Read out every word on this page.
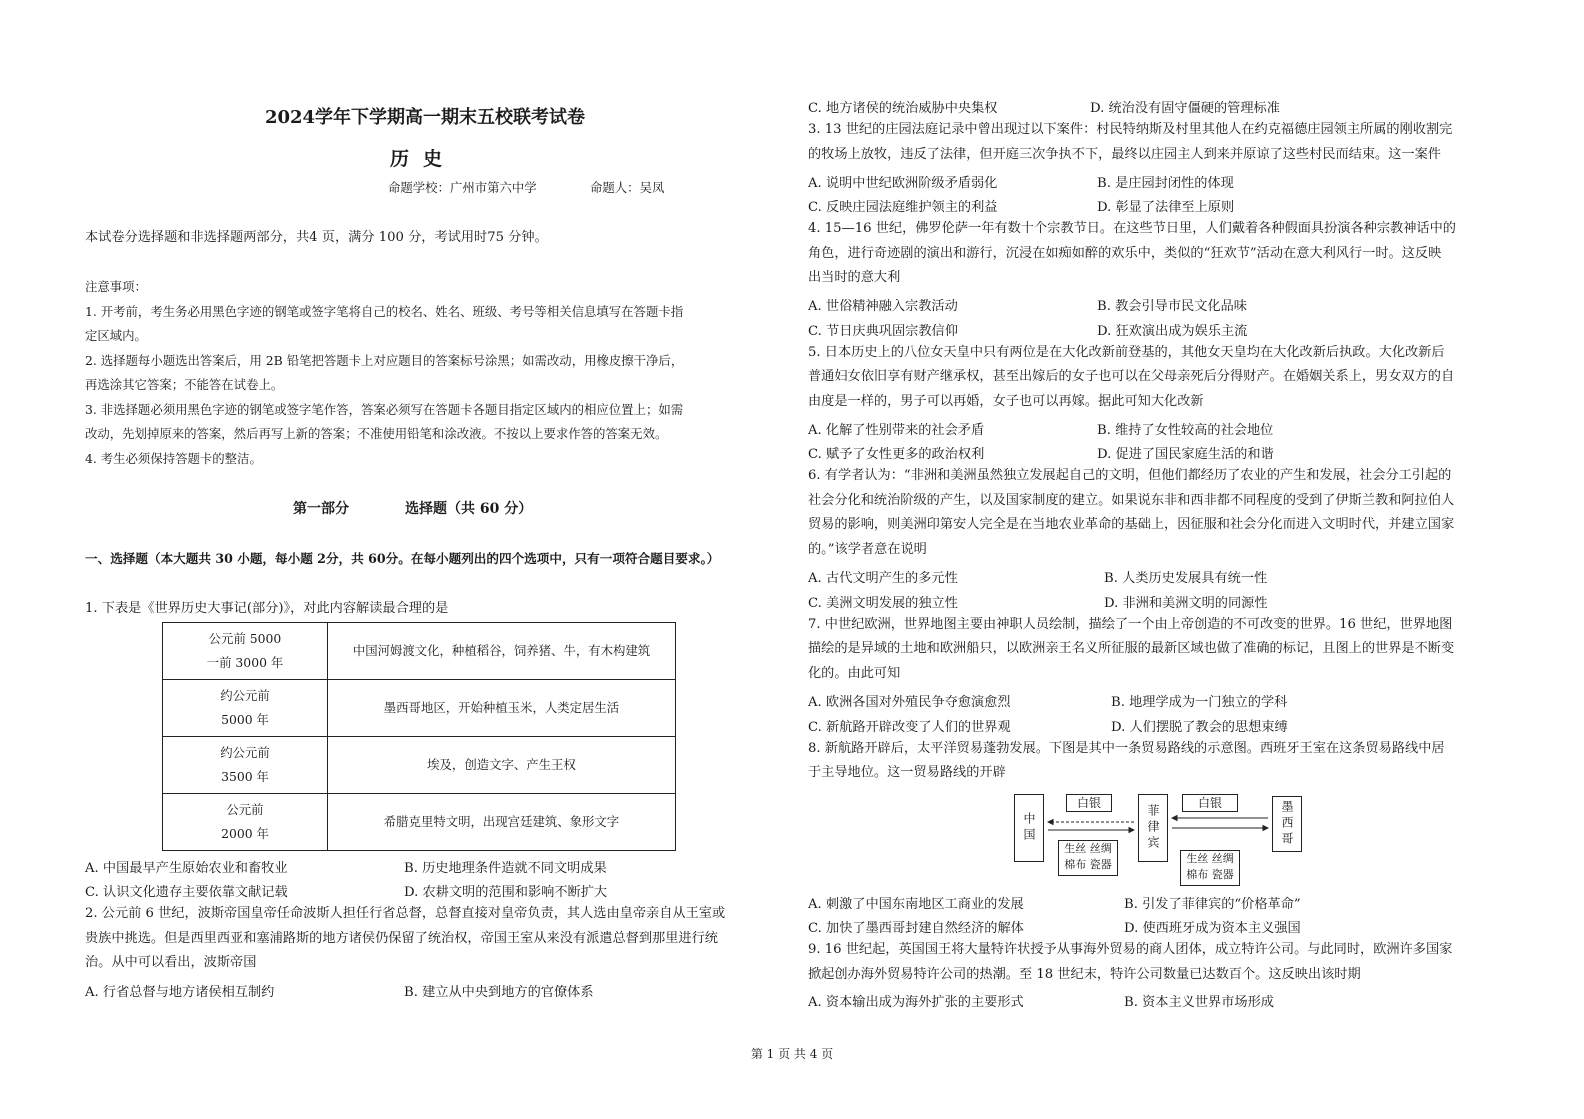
2024学年下学期高一期末五校联考试卷
历史
命题学校：广州市第六中学	命题人：吴凤
本试卷分选择题和非选择题两部分，共4 页，满分 100 分，考试用时75 分钟。
注意事项：
1. 开考前，考生务必用黑色字迹的钢笔或签字笔将自己的校名、姓名、班级、考号等相关信息填写在答题卡指
定区域内。
2. 选择题每小题选出答案后，用 2B 铅笔把答题卡上对应题目的答案标号涂黑；如需改动，用橡皮擦干净后，
再选涂其它答案；不能答在试卷上。
3. 非选择题必须用黑色字迹的钢笔或签字笔作答，答案必须写在答题卡各题目指定区域内的相应位置上；如需
改动，先划掉原来的答案，然后再写上新的答案；不准使用铅笔和涂改液。不按以上要求作答的答案无效。
4. 考生必须保持答题卡的整洁。
第一部分	选择题（共 60 分）
一、选择题（本大题共 30 小题，每小题 2分，共 60分。在每小题列出的四个选项中，只有一项符合题目要求。）
1. 下表是《世界历史大事记(部分)》，对此内容解读最合理的是
公元前 5000
一前 3000 年	中国河姆渡文化，种植稻谷，饲养猪、牛，有木构建筑

约公元前
5000 年	墨西哥地区，开始种植玉米，人类定居生活

约公元前
3500 年	埃及，创造文字、产生王权

公元前
2000 年	希腊克里特文明，出现宫廷建筑、象形文字
A. 中国最早产生原始农业和畜牧业	B. 历史地理条件造就不同文明成果
C. 认识文化遗存主要依靠文献记载	D. 农耕文明的范围和影响不断扩大
2. 公元前 6 世纪，波斯帝国皇帝任命波斯人担任行省总督，总督直接对皇帝负责，其人选由皇帝亲自从王室或
贵族中挑选。但是西里西亚和塞浦路斯的地方诸侯仍保留了统治权，帝国王室从来没有派遣总督到那里进行统
治。从中可以看出，波斯帝国
A. 行省总督与地方诸侯相互制约	B. 建立从中央到地方的官僚体系
C. 地方诸侯的统治威胁中央集权	D. 统治没有固守僵硬的管理标准
3. 13 世纪的庄园法庭记录中曾出现过以下案件：村民特纳斯及村里其他人在约克福德庄园领主所属的刚收割完
的牧场上放牧，违反了法律，但开庭三次争执不下，最终以庄园主人到来并原谅了这些村民而结束。这一案件
A. 说明中世纪欧洲阶级矛盾弱化	B. 是庄园封闭性的体现
C. 反映庄园法庭维护领主的利益	D. 彰显了法律至上原则
4. 15—16 世纪，佛罗伦萨一年有数十个宗教节日。在这些节日里，人们戴着各种假面具扮演各种宗教神话中的
角色，进行奇迹剧的演出和游行，沉浸在如痴如醉的欢乐中，类似的“狂欢节”活动在意大利风行一时。这反映
出当时的意大利
A. 世俗精神融入宗教活动	B. 教会引导市民文化品味
C. 节日庆典巩固宗教信仰	D. 狂欢演出成为娱乐主流
5. 日本历史上的八位女天皇中只有两位是在大化改新前登基的，其他女天皇均在大化改新后执政。大化改新后
普通妇女依旧享有财产继承权，甚至出嫁后的女子也可以在父母亲死后分得财产。在婚姻关系上，男女双方的自
由度是一样的，男子可以再婚，女子也可以再嫁。据此可知大化改新
A. 化解了性别带来的社会矛盾	B. 维持了女性较高的社会地位
C. 赋予了女性更多的政治权利	D. 促进了国民家庭生活的和谐
6. 有学者认为：“非洲和美洲虽然独立发展起自己的文明，但他们都经历了农业的产生和发展，社会分工引起的
社会分化和统治阶级的产生，以及国家制度的建立。如果说东非和西非都不同程度的受到了伊斯兰教和阿拉伯人
贸易的影响，则美洲印第安人完全是在当地农业革命的基础上，因征服和社会分化而进入文明时代，并建立国家
的。”该学者意在说明
A. 古代文明产生的多元性	B. 人类历史发展具有统一性
C. 美洲文明发展的独立性	D. 非洲和美洲文明的同源性
7. 中世纪欧洲，世界地图主要由神职人员绘制，描绘了一个由上帝创造的不可改变的世界。16 世纪，世界地图
描绘的是异域的土地和欧洲船只，以欧洲亲王名义所征服的最新区域也做了准确的标记，且图上的世界是不断变
化的。由此可知
A. 欧洲各国对外殖民争夺愈演愈烈	B. 地理学成为一门独立的学科
C. 新航路开辟改变了人们的世界观	D. 人们摆脱了教会的思想束缚
8. 新航路开辟后，太平洋贸易蓬勃发展。下图是其中一条贸易路线的示意图。西班牙王室在这条贸易路线中居
于主导地位。这一贸易路线的开辟
中国	菲律宾	墨西哥
白银	白银
生丝 丝绸
棉布 瓷器	生丝 丝绸
棉布 瓷器
A. 刺激了中国东南地区工商业的发展	B. 引发了菲律宾的“价格革命”
C. 加快了墨西哥封建自然经济的解体	D. 使西班牙成为资本主义强国
9. 16 世纪起，英国国王将大量特许状授予从事海外贸易的商人团体，成立特许公司。与此同时，欧洲许多国家
掀起创办海外贸易特许公司的热潮。至 18 世纪末，特许公司数量已达数百个。这反映出该时期
A. 资本输出成为海外扩张的主要形式	B. 资本主义世界市场形成
第 1 页 共 4 页
